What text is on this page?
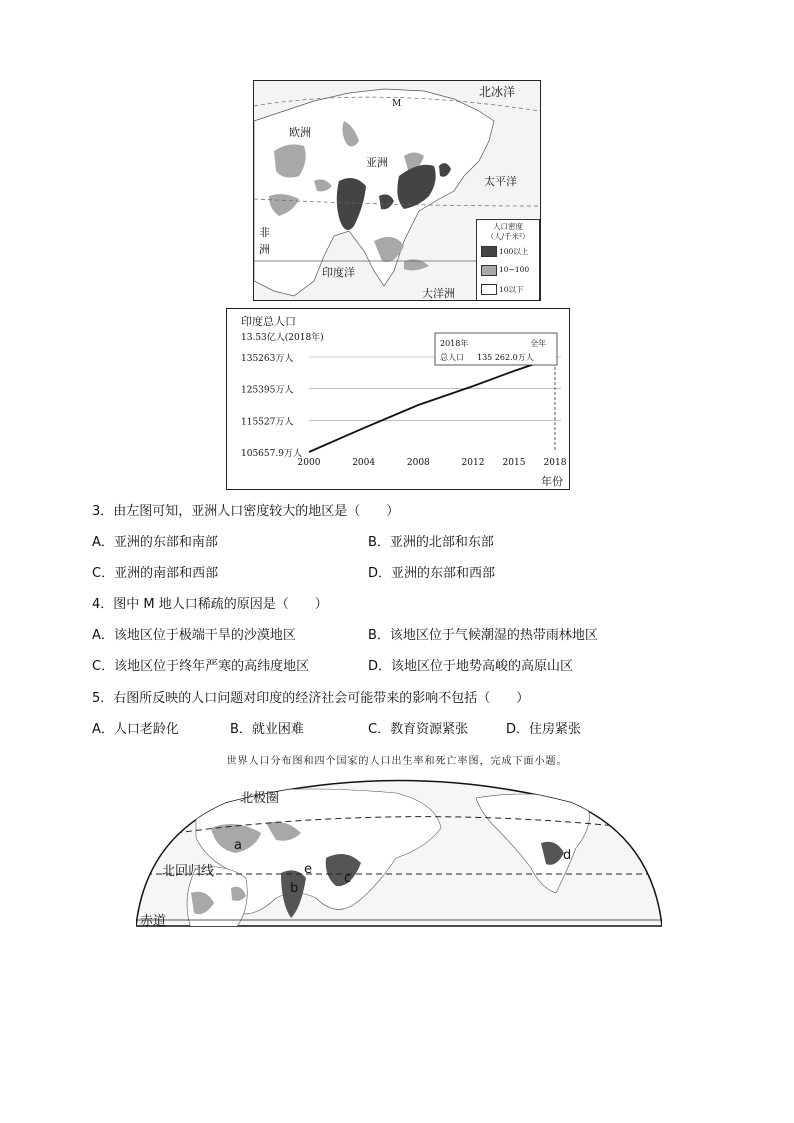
北冰洋
M
欧洲
亚洲
太平洋
非
洲
印度洋
大洋洲
人口密度
（人/千米²）
100以上
10~100
10以下
印度总人口
13.53亿人(2018年)
105657.9万人
115527万人
125395万人
135263万人
2000	2004	2008	2012 2015 2018
2018年	全年
总人口 135 262.0万人
年份
3．由左图可知，亚洲人口密度较大的地区是（　　）
A．亚洲的东部和南部	B．亚洲的北部和东部
C．亚洲的南部和西部	D．亚洲的东部和西部
4．图中 M 地人口稀疏的原因是（　　）
A．该地区位于极端干旱的沙漠地区	B．该地区位于气候潮湿的热带雨林地区
C．该地区位于终年严寒的高纬度地区	D．该地区位于地势高峻的高原山区
5．右图所反映的人口问题对印度的经济社会可能带来的影响不包括（　　）
A．人口老龄化	B．就业困难	C．教育资源紧张	D．住房紧张
世界人口分布图和四个国家的人口出生率和死亡率图，完成下面小题。
北极圈
北回归线
赤道
a
b
c
d
e
